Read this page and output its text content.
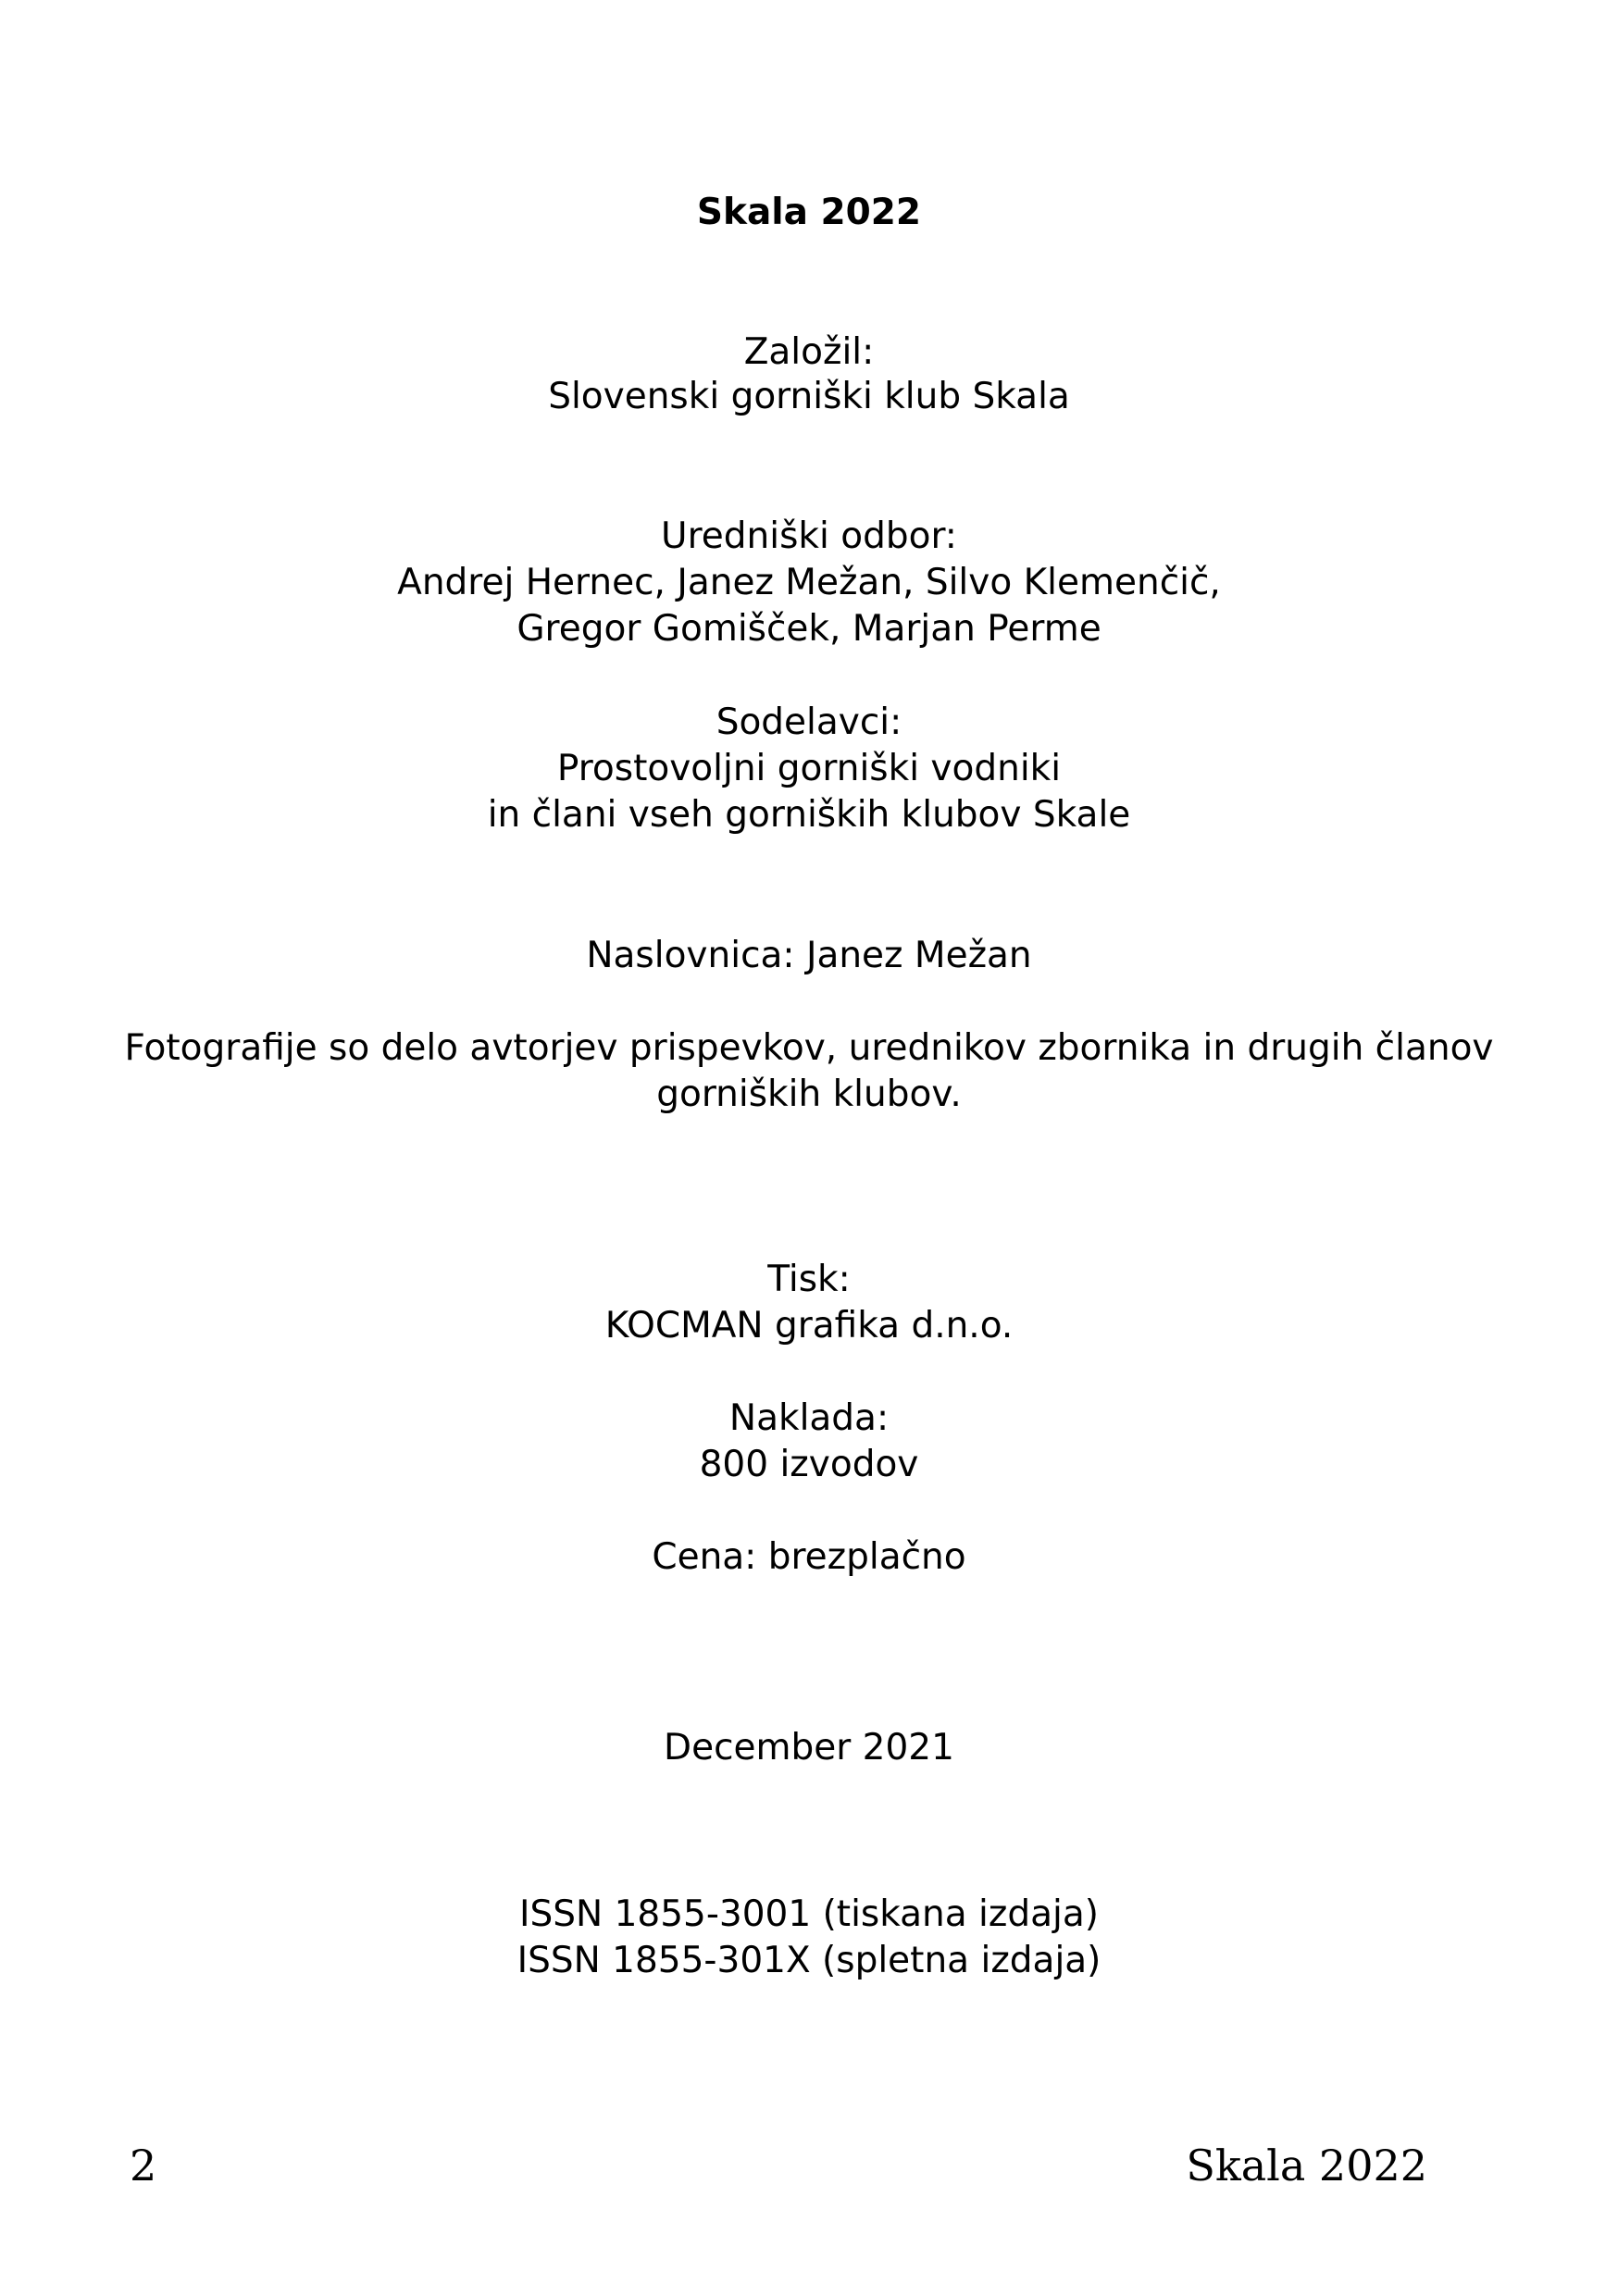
Skala 2022
Založil:
Slovenski gorniški klub Skala
Uredniški odbor:
Andrej Hernec, Janez Mežan, Silvo Klemenčič,
Gregor Gomišček, Marjan Perme
Sodelavci:
Prostovoljni gorniški vodniki
in člani vseh gorniških klubov Skale
Naslovnica: Janez Mežan
Fotografije so delo avtorjev prispevkov, urednikov zbornika in drugih članov
gorniških klubov.
Tisk:
KOCMAN grafika d.n.o.
Naklada:
800 izvodov
Cena: brezplačno
December 2021
ISSN 1855-3001 (tiskana izdaja)
ISSN 1855-301X (spletna izdaja)
2	Skala 2022
